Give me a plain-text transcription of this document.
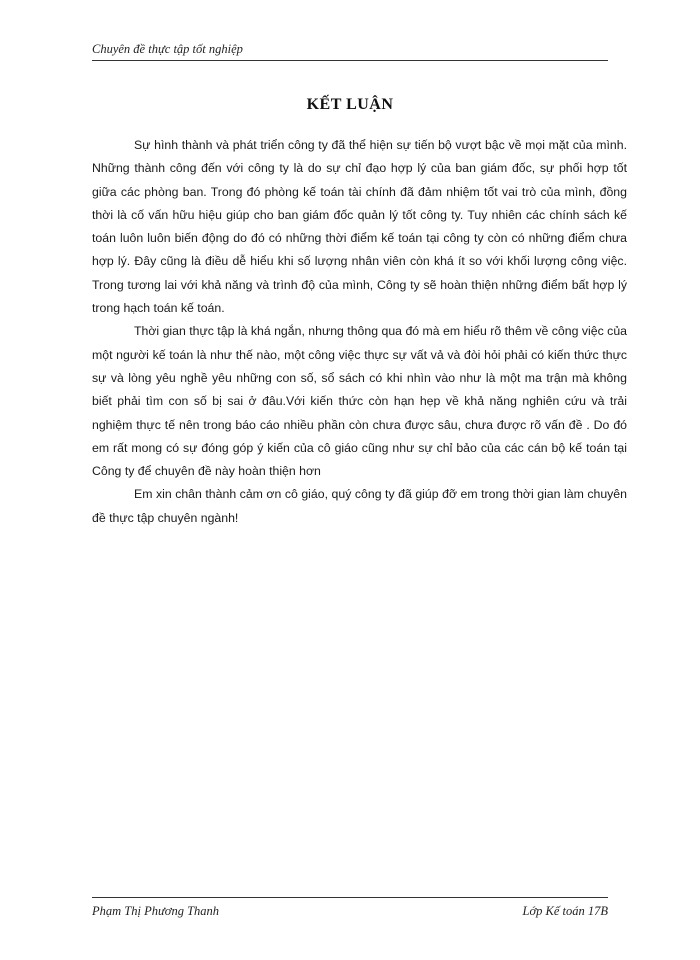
Chuyên đề thực tập tốt nghiệp
KẾT LUẬN

Sự hình thành và phát triển công ty đã thể hiện sự tiến bộ vượt bậc về mọi mặt của mình. Những thành công đến với công ty là do sự chỉ đạo hợp lý của ban giám đốc, sự phối hợp tốt giữa các phòng ban. Trong đó phòng kế toán tài chính đã đảm nhiệm tốt vai trò của mình, đồng thời là cố vấn hữu hiệu giúp cho ban giám đốc quản lý tốt công ty. Tuy nhiên các chính sách kế toán luôn luôn biến động do đó có những thời điểm kế toán tại công ty còn có những điểm chưa hợp lý. Đây cũng là điều dễ hiểu khi số lượng nhân viên còn khá ít so với khối lượng công việc. Trong tương lai với khả năng và trình độ của mình, Công ty sẽ hoàn thiện những điểm bất hợp lý trong hạch toán kế toán.

Thời gian thực tập là khá ngắn, nhưng thông qua đó mà em hiểu rõ thêm về công việc của một người kế toán là như thế nào, một công việc thực sự vất vả và đòi hỏi phải có kiến thức thực sự và lòng yêu nghề yêu những con số, sổ sách có khi nhìn vào như là một ma trận mà không biết phải tìm con số bị sai ở đâu.Với kiến thức còn hạn hẹp về khả năng nghiên cứu và trải nghiệm thực tế nên trong báo cáo nhiều phần còn chưa được sâu, chưa được rõ vấn đề . Do đó em rất mong có sự đóng góp ý kiến của cô giáo cũng như sự chỉ bảo của các cán bộ kế toán tại Công ty để chuyên đề này hoàn thiện hơn

Em xin chân thành cảm ơn cô giáo, quý công ty đã giúp đỡ em trong thời gian làm chuyên đề thực tập chuyên ngành!

Phạm Thị Phương Thanh	Lớp Kế toán 17B
